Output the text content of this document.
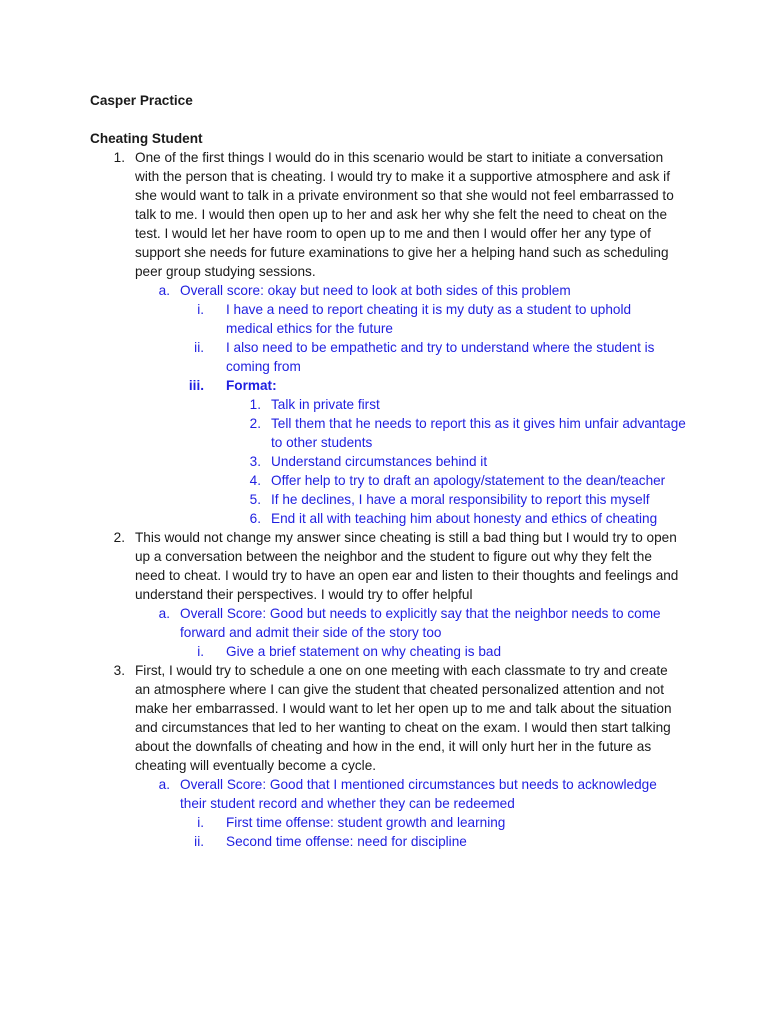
Casper Practice
Cheating Student
1. One of the first things I would do in this scenario would be start to initiate a conversation with the person that is cheating. I would try to make it a supportive atmosphere and ask if she would want to talk in a private environment so that she would not feel embarrassed to talk to me. I would then open up to her and ask her why she felt the need to cheat on the test. I would let her have room to open up to me and then I would offer her any type of support she needs for future examinations to give her a helping hand such as scheduling peer group studying sessions.
a. Overall score: okay but need to look at both sides of this problem
i. I have a need to report cheating it is my duty as a student to uphold medical ethics for the future
ii. I also need to be empathetic and try to understand where the student is coming from
iii. Format:
1. Talk in private first
2. Tell them that he needs to report this as it gives him unfair advantage to other students
3. Understand circumstances behind it
4. Offer help to try to draft an apology/statement to the dean/teacher
5. If he declines, I have a moral responsibility to report this myself
6. End it all with teaching him about honesty and ethics of cheating
2. This would not change my answer since cheating is still a bad thing but I would try to open up a conversation between the neighbor and the student to figure out why they felt the need to cheat. I would try to have an open ear and listen to their thoughts and feelings and understand their perspectives. I would try to offer helpful
a. Overall Score: Good but needs to explicitly say that the neighbor needs to come forward and admit their side of the story too
i. Give a brief statement on why cheating is bad
3. First, I would try to schedule a one on one meeting with each classmate to try and create an atmosphere where I can give the student that cheated personalized attention and not make her embarrassed. I would want to let her open up to me and talk about the situation and circumstances that led to her wanting to cheat on the exam. I would then start talking about the downfalls of cheating and how in the end, it will only hurt her in the future as cheating will eventually become a cycle.
a. Overall Score: Good that I mentioned circumstances but needs to acknowledge their student record and whether they can be redeemed
i. First time offense: student growth and learning
ii. Second time offense: need for discipline
